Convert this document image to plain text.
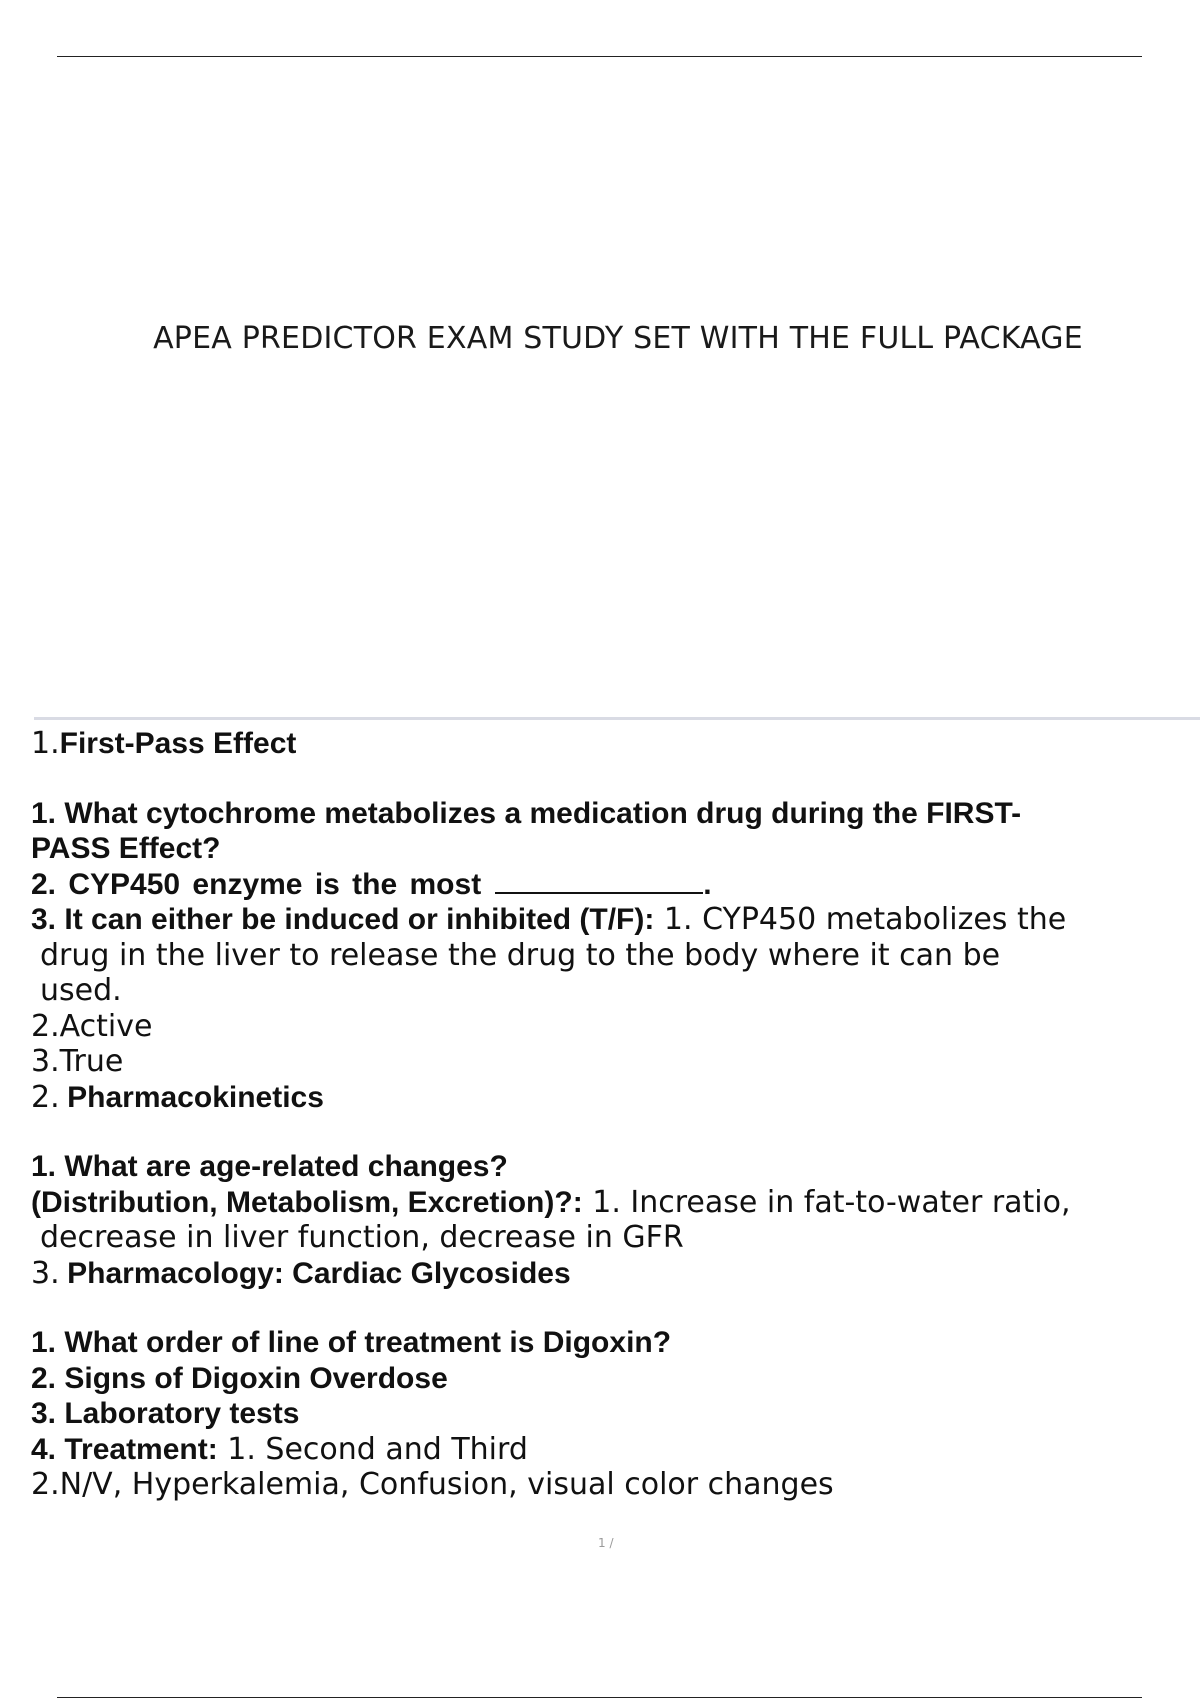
APEA PREDICTOR EXAM STUDY SET WITH THE FULL PACKAGE
1.First-Pass Effect
1. What cytochrome metabolizes a medication drug during the FIRST-
PASS Effect?
2. CYP450 enzyme is the most	.
3. It can either be induced or inhibited (T/F): 1. CYP450 metabolizes the
drug in the liver to release the drug to the body where it can be
used.
2.Active
3.True
2. Pharmacokinetics
1. What are age-related changes?
(Distribution, Metabolism, Excretion)?: 1. Increase in fat-to-water ratio,
decrease in liver function, decrease in GFR
3. Pharmacology: Cardiac Glycosides
1. What order of line of treatment is Digoxin?
2. Signs of Digoxin Overdose
3. Laboratory tests
4. Treatment: 1. Second and Third
2.N/V, Hyperkalemia, Confusion, visual color changes
1 /
